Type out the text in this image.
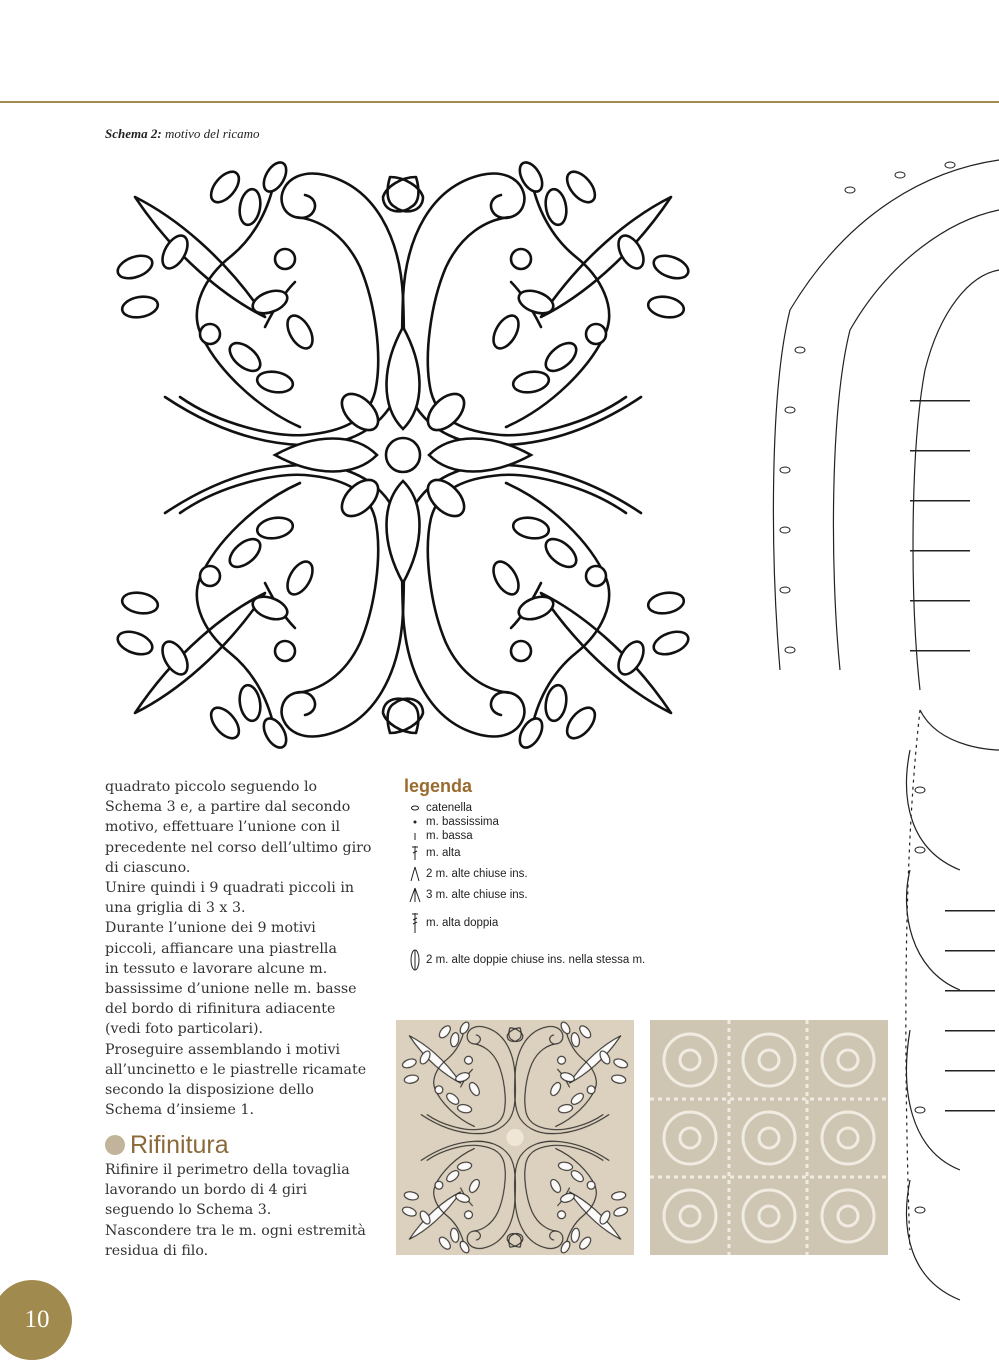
Schema 2: motivo del ricamo

quadrato piccolo seguendo lo

Schema 3 e, a partire dal secondo

motivo, effettuare l’unione con il

precedente nel corso dell’ultimo giro

di ciascuno.

Unire quindi i 9 quadrati piccoli in

una griglia di 3 x 3.

Durante l’unione dei 9 motivi

piccoli, affiancare una piastrella

in tessuto e lavorare alcune m.

bassissime d’unione nelle m. basse

del bordo di rifinitura adiacente

(vedi foto particolari).

Proseguire assemblando i motivi

all’uncinetto e le piastrelle ricamate

secondo la disposizione dello

Schema d’insieme 1.

Rifinitura

Rifinire il perimetro della tovaglia

lavorando un bordo di 4 giri

seguendo lo Schema 3.

Nascondere tra le m. ogni estremità

residua di filo.

legenda
catenella
m. bassissima
m. bassa
m. alta
2 m. alte chiuse ins.
3 m. alte chiuse ins.
m. alta doppia
2 m. alte doppie chiuse ins. nella stessa m.
10
